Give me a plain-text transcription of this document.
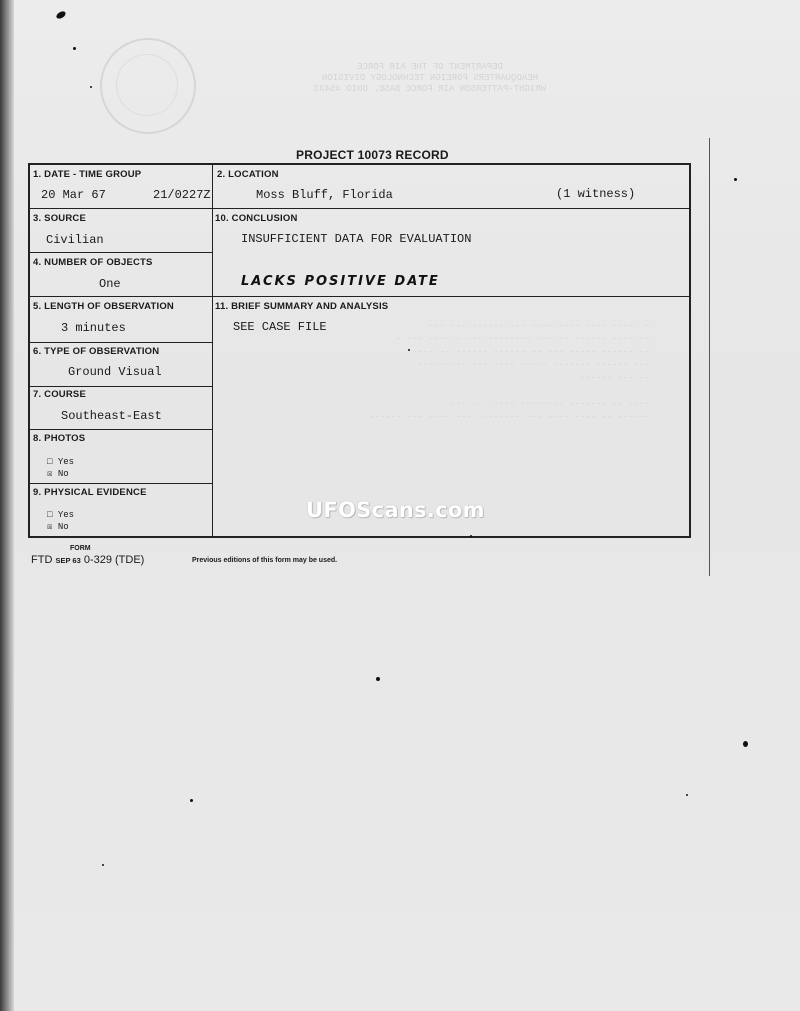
DEPARTMENT OF THE AIR FORCE
HEADQUARTERS FOREIGN TECHNOLOGY DIVISION
WRIGHT-PATTERSON AIR FORCE BASE, OHIO 45433
-  ---- ---- ---- ---- --- ------ --- ---
-- ---- ------ -- --- -------- --- - ---- --- -
-- ------ ----- --- -- ------ ------ -- ----
--- ------ ------- ----- ---- --- ---------
-- --- ------

---- -- ------- -------- ----   - ---
------ -- ---- ---- --- -------  --- ---- --- ------
PROJECT 10073 RECORD
1. DATE - TIME GROUP
20 Mar 67	21/0227Z
2. LOCATION
Moss Bluff, Florida	(1 witness)
3. SOURCE
Civilian
10. CONCLUSION
INSUFFICIENT DATA FOR EVALUATION
LACKS POSITIVE DATE
4. NUMBER OF OBJECTS
One
5. LENGTH OF OBSERVATION
3 minutes
11. BRIEF SUMMARY AND ANALYSIS
SEE CASE FILE
6. TYPE OF OBSERVATION
Ground Visual
7. COURSE
Southeast-East
8. PHOTOS
□ Yes
☒ No
9. PHYSICAL EVIDENCE
□ Yes
☒ No
FORM
FTD SEP 63 0-329 (TDE)	Previous editions of this form may be used.
UFOScans.com
